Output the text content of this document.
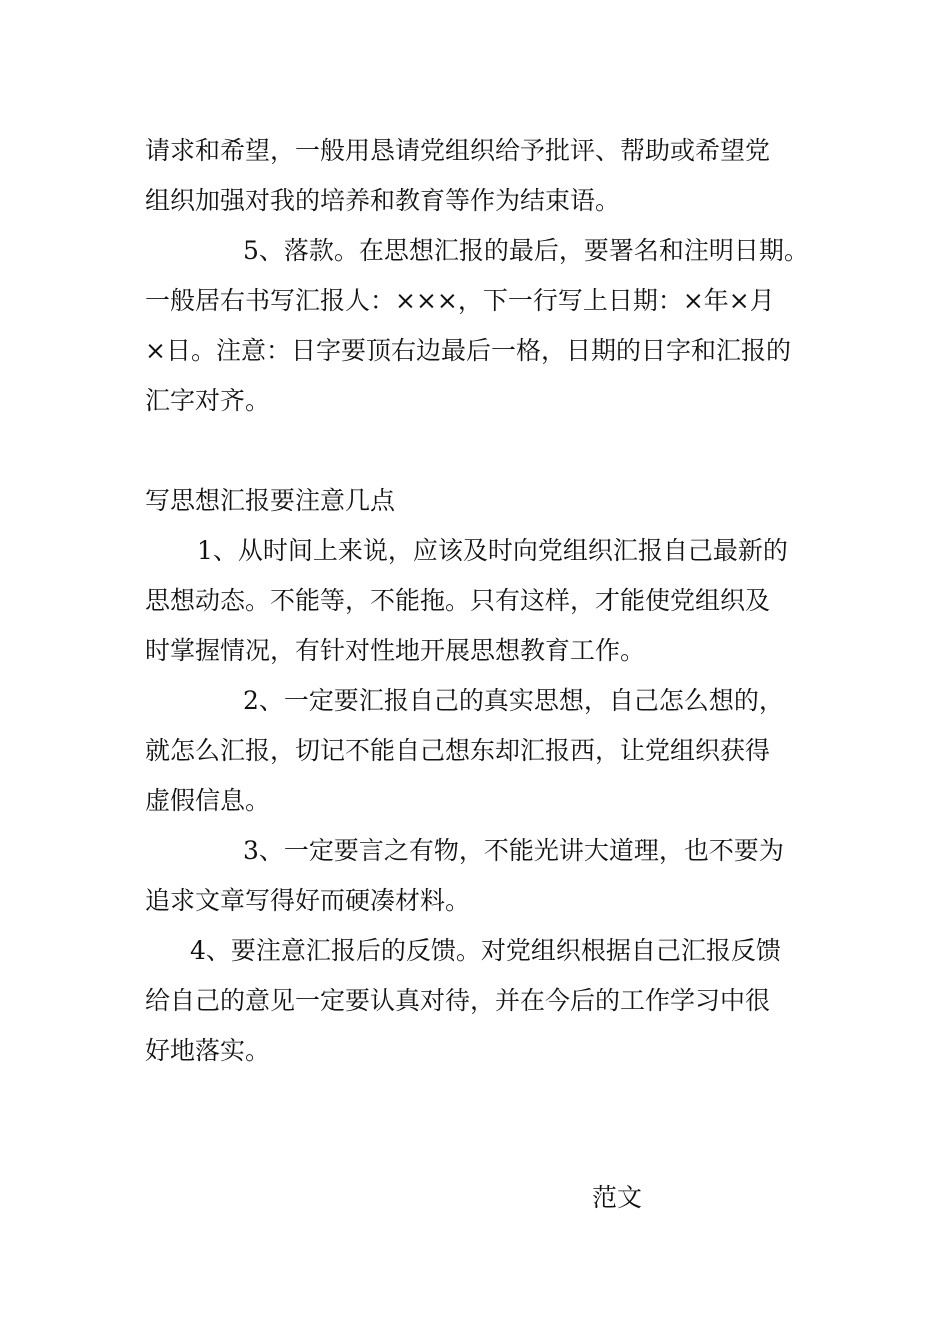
请求和希望，一般用恳请党组织给予批评、帮助或希望党
组织加强对我的培养和教育等作为结束语。
5、落款。在思想汇报的最后，要署名和注明日期。
一般居右书写汇报人：×××，下一行写上日期：×年×月
×日。注意：日字要顶右边最后一格，日期的日字和汇报的
汇字对齐。
写思想汇报要注意几点
1、从时间上来说，应该及时向党组织汇报自己最新的
思想动态。不能等，不能拖。只有这样，才能使党组织及
时掌握情况，有针对性地开展思想教育工作。
2、一定要汇报自己的真实思想，自己怎么想的，
就怎么汇报，切记不能自己想东却汇报西，让党组织获得
虚假信息。
3、一定要言之有物，不能光讲大道理，也不要为
追求文章写得好而硬凑材料。
4、要注意汇报后的反馈。对党组织根据自己汇报反馈
给自己的意见一定要认真对待，并在今后的工作学习中很
好地落实。
范文
